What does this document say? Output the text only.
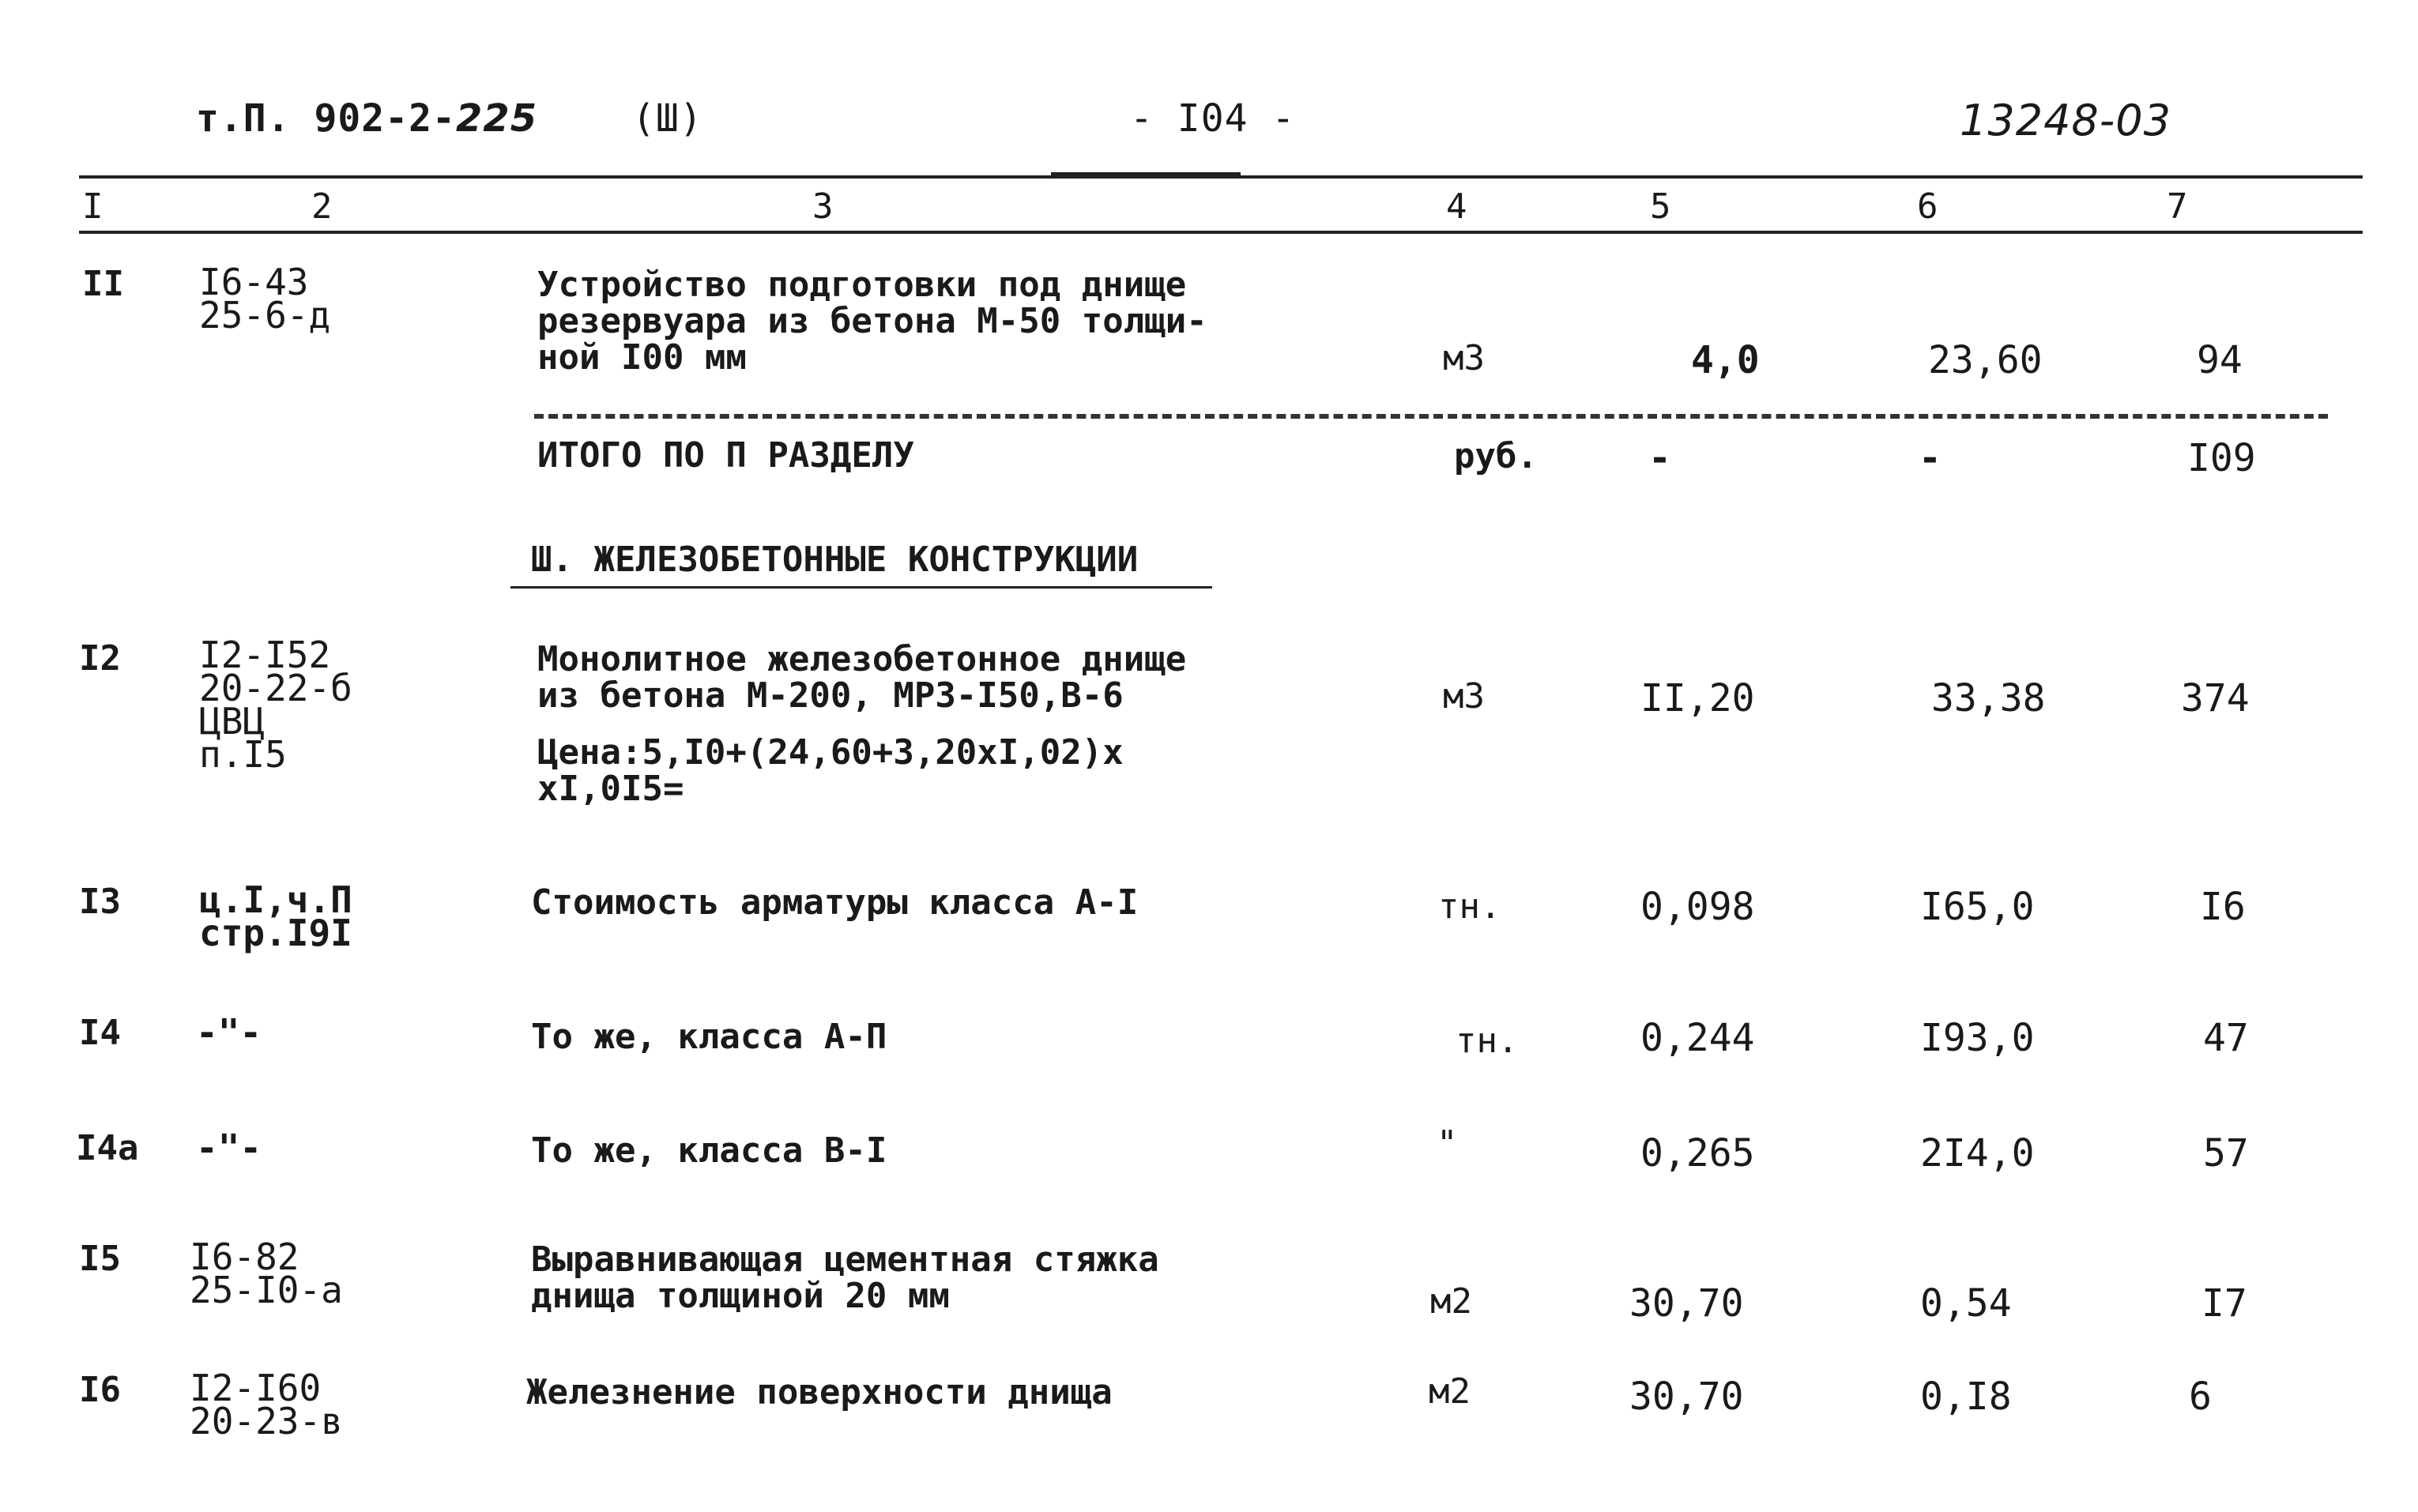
т.П. 902-2-225 (Ш)	- I04 -	13248-03
I	2	3	4	5	6	7
II I6-43
25-6-д
Устройство подготовки под днище
резервуара из бетона М-50 толщи-
ной I00 мм	м3	4,0	23,60	94
ИТОГО ПО П РАЗДЕЛУ	руб.	-	-	I09
Ш. ЖЕЛЕЗОБЕТОННЫЕ КОНСТРУКЦИИ
I2 I2-I52
20-22-б
ЦВЦ
п.I5
Монолитное железобетонное днище
из бетона М-200, МРЗ-I50,В-6
Цена:5,I0+(24,60+3,20хI,02)х
хI,0I5=
м3	II,20	33,38	374
I3 ц.I,ч.П
стр.I9I
Стоимость арматуры класса А-I	тн.	0,098	I65,0	I6
I4 -"-	То же, класса А-П	тн.	0,244	I93,0	47
I4а -"-	То же, класса В-I	"	0,265	2I4,0	57
I5 I6-82
25-I0-а
Выравнивающая цементная стяжка
днища толщиной 20 мм	м2	30,70	0,54	I7
I6 I2-I60
20-23-в
Железнение поверхности днища	м2	30,70	0,I8	6
